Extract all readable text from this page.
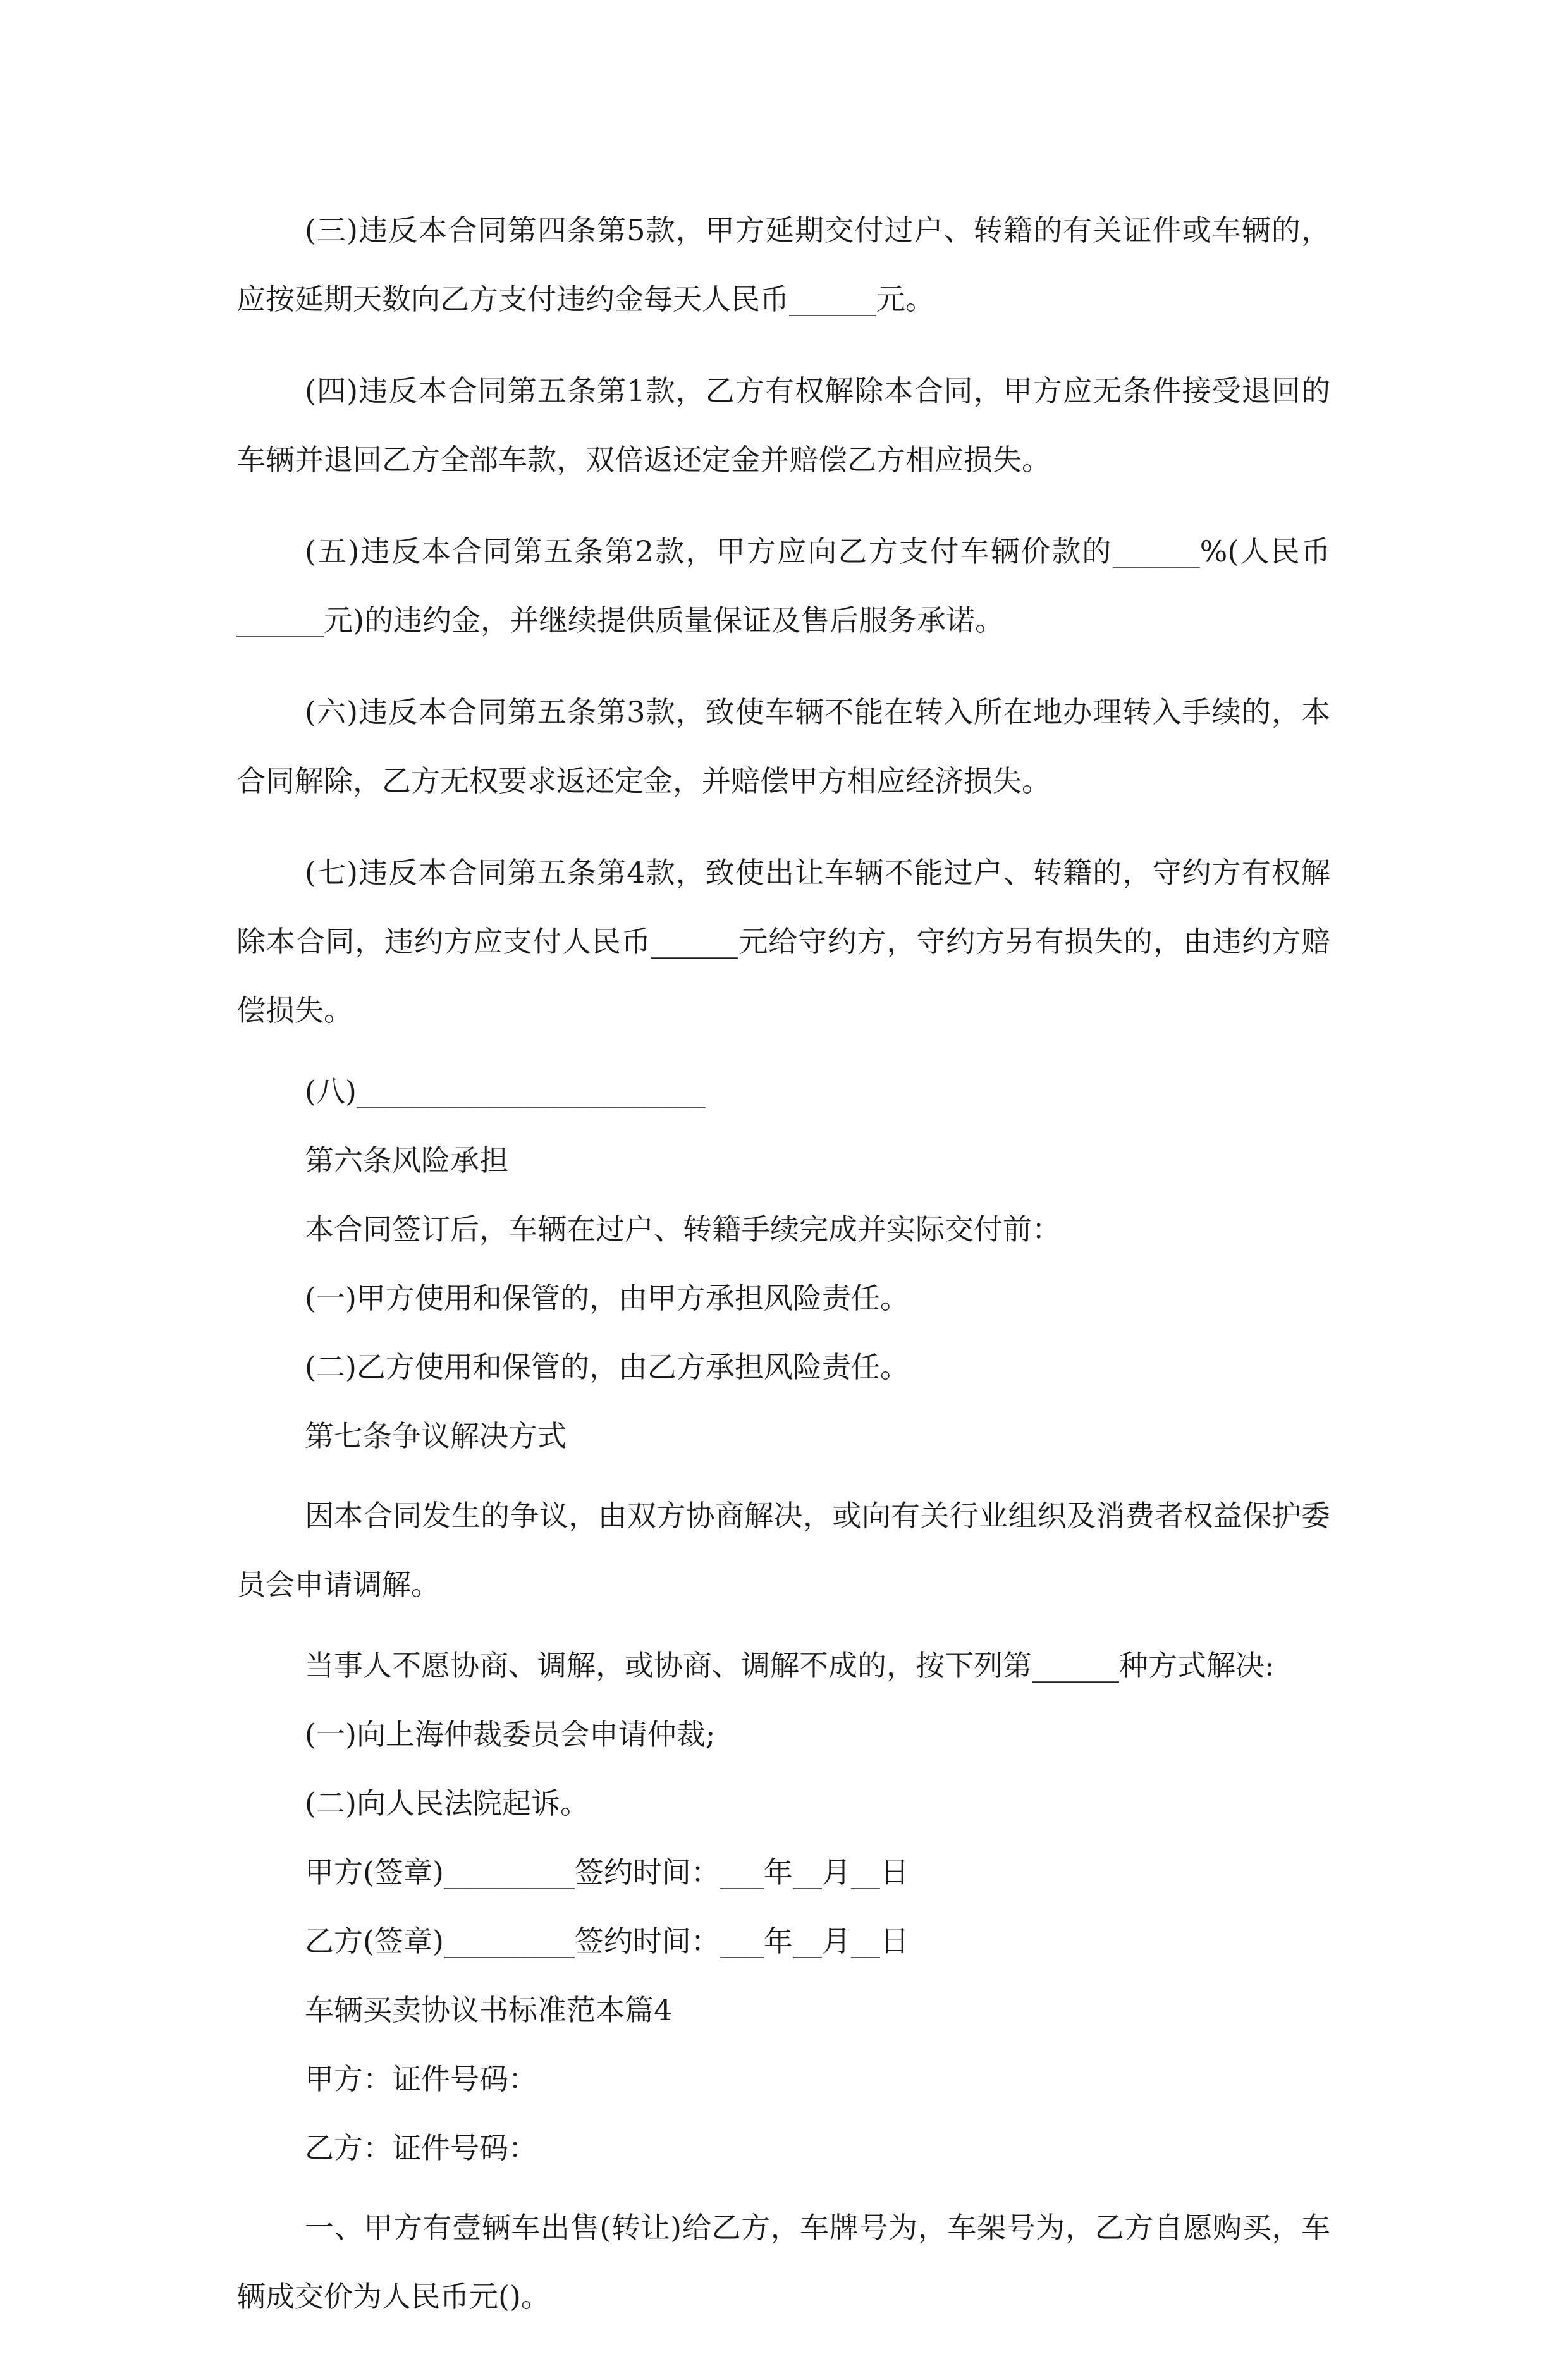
(三)违反本合同第四条第5款，甲方延期交付过户、转籍的有关证件或车辆的，应按延期天数向乙方支付违约金每天人民币______元。

(四)违反本合同第五条第1款，乙方有权解除本合同，甲方应无条件接受退回的车辆并退回乙方全部车款，双倍返还定金并赔偿乙方相应损失。

(五)违反本合同第五条第2款，甲方应向乙方支付车辆价款的______%(人民币______元)的违约金，并继续提供质量保证及售后服务承诺。

(六)违反本合同第五条第3款，致使车辆不能在转入所在地办理转入手续的，本合同解除，乙方无权要求返还定金，并赔偿甲方相应经济损失。

(七)违反本合同第五条第4款，致使出让车辆不能过户、转籍的，守约方有权解除本合同，违约方应支付人民币______元给守约方，守约方另有损失的，由违约方赔偿损失。

(八)________________________

第六条风险承担

本合同签订后，车辆在过户、转籍手续完成并实际交付前：

(一)甲方使用和保管的，由甲方承担风险责任。

(二)乙方使用和保管的，由乙方承担风险责任。

第七条争议解决方式

因本合同发生的争议，由双方协商解决，或向有关行业组织及消费者权益保护委员会申请调解。

当事人不愿协商、调解，或协商、调解不成的，按下列第______种方式解决:

(一)向上海仲裁委员会申请仲裁;

(二)向人民法院起诉。

甲方(签章)_________签约时间：___年__月__日

乙方(签章)_________签约时间：___年__月__日

车辆买卖协议书标准范本篇4

甲方：证件号码：

乙方：证件号码：

一、甲方有壹辆车出售(转让)给乙方，车牌号为，车架号为，乙方自愿购买，车辆成交价为人民币元()。
